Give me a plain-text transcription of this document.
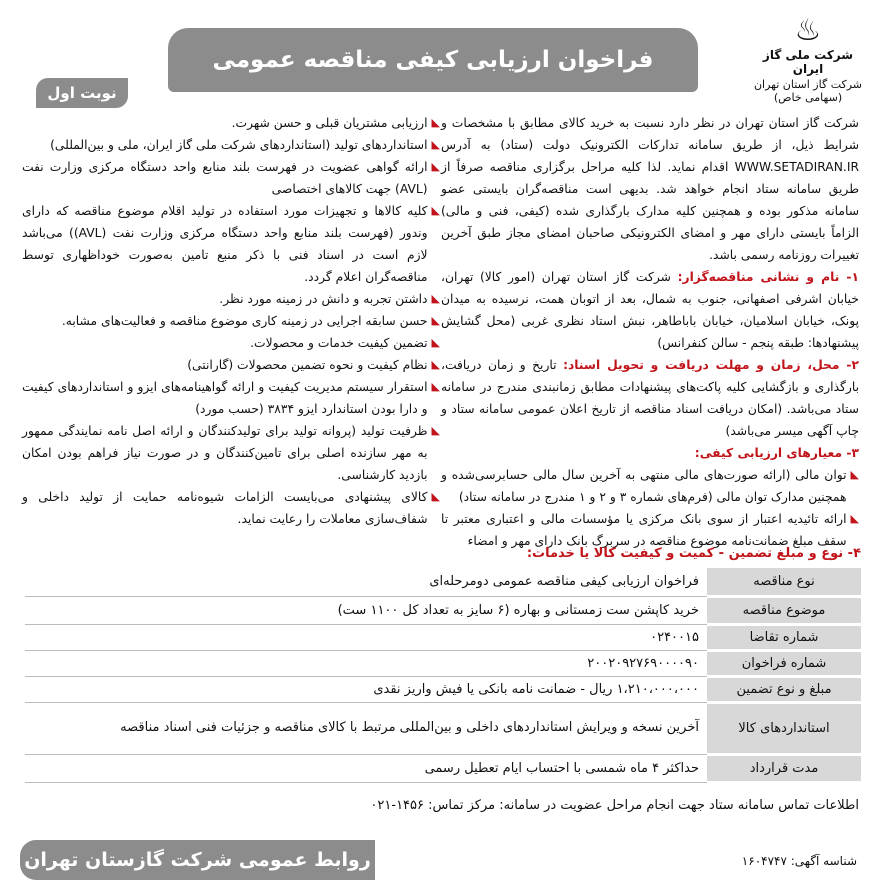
♨
شرکت ملی گاز ایران
شرکت گاز استان تهران (سهامی خاص)
فراخوان ارزیابی کیفی مناقصه عمومی
نوبت اول

شرکت گاز استان تهران در نظر دارد نسبت به خرید کالای مطابق با مشخصات و شرایط ذیل، از طریق سامانه تدارکات الکترونیک دولت (ستاد) به آدرس WWW.SETADIRAN.IR اقدام نماید. لذا کلیه مراحل برگزاری مناقصه صرفاً از طریق سامانه ستاد انجام خواهد شد. بدیهی است مناقصه‌گران بایستی عضو سامانه مذکور بوده و همچنین کلیه مدارک بارگذاری شده (کیفی، فنی و مالی) الزاماً بایستی دارای مهر و امضای الکترونیکی صاحبان امضای مجاز طبق آخرین تغییرات روزنامه رسمی باشد.

۱- نام و نشانی مناقصه‌گزار: شرکت گاز استان تهران (امور کالا) تهران، خیابان اشرفی اصفهانی، جنوب به شمال، بعد از اتوبان همت، نرسیده به میدان پونک، خیابان اسلامیان، خیابان باباطاهر، نبش استاد نظری غربی (محل گشایش پیشنهادها: طبقه پنجم - سالن کنفرانس)

۲- محل، زمان و مهلت دریافت و تحویل اسناد: تاریخ و زمان دریافت، بارگذاری و بازگشایی کلیه پاکت‌های پیشنهادات مطابق زمانبندی مندرج در سامانه ستاد می‌باشد. (امکان دریافت اسناد مناقصه از تاریخ اعلان عمومی سامانه ستاد و چاپ آگهی میسر می‌باشد)

۳- معیارهای ارزیابی کیفی:

◣
توان مالی (ارائه صورت‌های مالی منتهی به آخرین سال مالی حسابرسی‌شده و همچنین مدارک توان مالی (فرم‌های شماره ۳ و ۲ و ۱ مندرج در سامانه ستاد)
◣
ارائه تائیدیه اعتبار از سوی بانک مرکزی یا مؤسسات مالی و اعتباری معتبر تا سقف مبلغ ضمانت‌نامه موضوع مناقصه در سربرگ بانک دارای مهر و امضاء
◣
ارزیابی مشتریان قبلی و حسن شهرت.
◣
استانداردهای تولید (استانداردهای شرکت ملی گاز ایران، ملی و بین‌المللی)
◣
ارائه گواهی عضویت در فهرست بلند منابع واحد دستگاه مرکزی وزارت نفت (AVL) جهت کالاهای اختصاصی
◣
کلیه کالاها و تجهیزات مورد استفاده در تولید اقلام موضوع مناقصه که دارای وندور (فهرست بلند منابع واحد دستگاه مرکزی وزارت نفت (AVL)) می‌باشد لازم است در اسناد فنی با ذکر منبع تامین به‌صورت خوداظهاری توسط مناقصه‌گران اعلام گردد.
◣
داشتن تجربه و دانش در زمینه مورد نظر.
◣
حسن سابقه اجرایی در زمینه کاری موضوع مناقصه و فعالیت‌های مشابه.
◣
تضمین کیفیت خدمات و محصولات.
◣
نظام کیفیت و نحوه تضمین محصولات (گارانتی)
◣
استقرار سیستم مدیریت کیفیت و ارائه گواهینامه‌های ایزو و استانداردهای کیفیت و دارا بودن استاندارد ایزو ۳۸۳۴ (حسب مورد)
◣
ظرفیت تولید (پروانه تولید برای تولیدکنندگان و ارائه اصل نامه نمایندگی ممهور به مهر سازنده اصلی برای تامین‌کنندگان و در صورت نیاز فراهم بودن امکان بازدید کارشناسی.
◣
کالای پیشنهادی می‌بایست الزامات شیوه‌نامه حمایت از تولید داخلی و شفاف‌سازی معاملات را رعایت نماید.
۴- نوع و مبلغ تضمین - کمیت و کیفیت کالا یا خدمات:
نوع مناقصه	فراخوان ارزیابی کیفی مناقصه عمومی دومرحله‌ای
موضوع مناقصه	خرید کاپشن ست زمستانی و بهاره (۶ سایز به تعداد کل ۱۱۰۰ ست)
شماره تقاضا	۰۲۴۰۰۱۵
شماره فراخوان	۲۰۰۲۰۹۲۷۶۹۰۰۰۰۹۰
مبلغ و نوع تضمین	۱،۲۱۰،۰۰۰،۰۰۰ ریال - ضمانت نامه بانکی یا فیش واریز نقدی
استانداردهای کالا	آخرین نسخه و ویرایش استانداردهای داخلی و بین‌المللی مرتبط با کالای مناقصه و جزئیات فنی اسناد مناقصه
مدت قرارداد	حداکثر ۴ ماه شمسی با احتساب ایام تعطیل رسمی
اطلاعات تماس سامانه ستاد جهت انجام مراحل عضویت در سامانه: مرکز تماس: ۱۴۵۶-۰۲۱
روابط عمومی شرکت گازستان تهران	شناسه آگهی: ۱۶۰۴۷۴۷
